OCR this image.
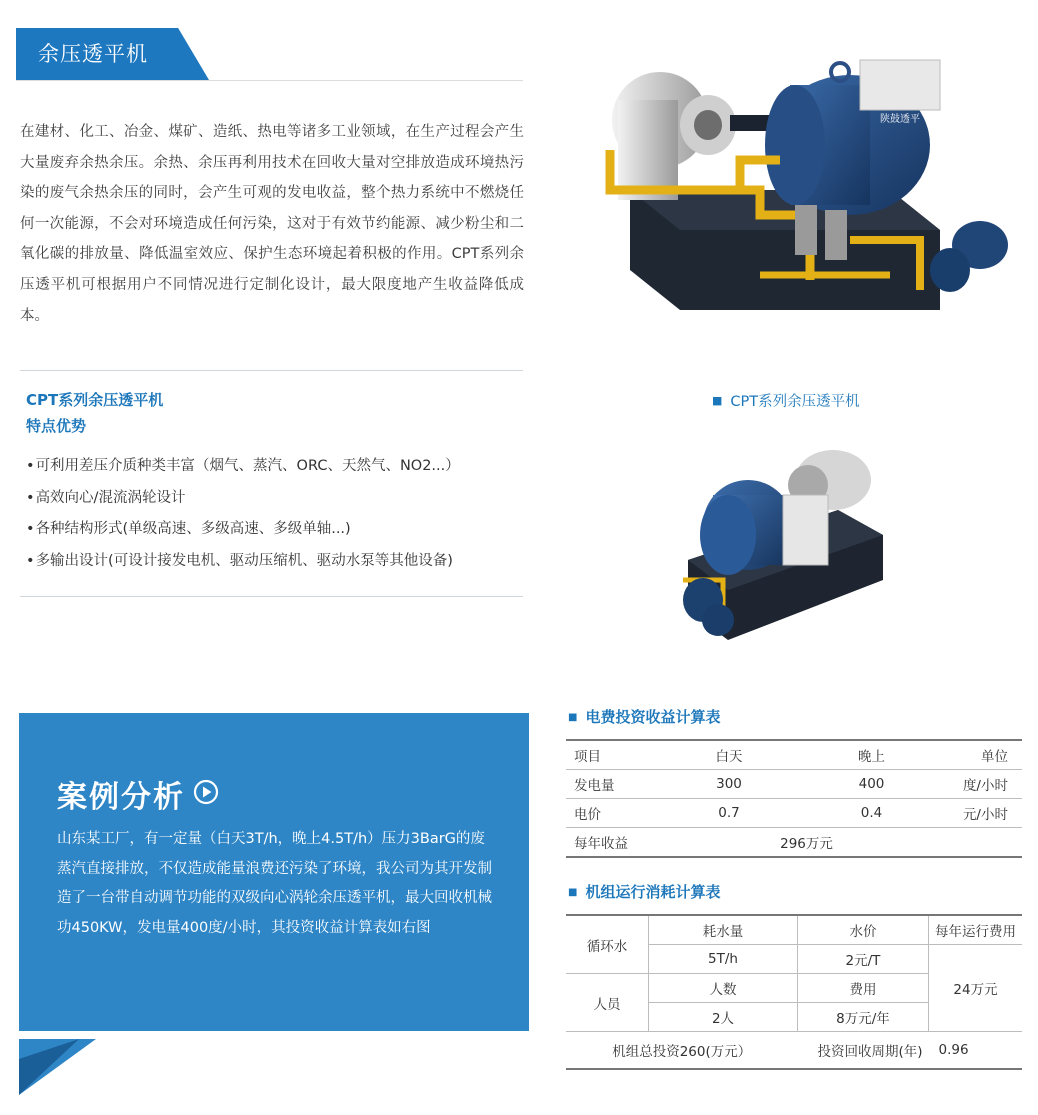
余压透平机
在建材、化工、冶金、煤矿、造纸、热电等诸多工业领域，在生产过程会产生大量废弃余热余压。余热、余压再利用技术在回收大量对空排放造成环境热污染的废气余热余压的同时，会产生可观的发电收益，整个热力系统中不燃烧任何一次能源，不会对环境造成任何污染，这对于有效节约能源、减少粉尘和二氧化碳的排放量、降低温室效应、保护生态环境起着积极的作用。CPT系列余压透平机可根据用户不同情况进行定制化设计，最大限度地产生收益降低成本。
CPT系列余压透平机
特点优势
• 可利用差压介质种类丰富（烟气、蒸汽、ORC、天然气、NO2...）
• 高效向心/混流涡轮设计
• 各种结构形式(单级高速、多级高速、多级单轴...)
• 多输出设计(可设计接发电机、驱动压缩机、驱动水泵等其他设备)
陕鼓透平
■ CPT系列余压透平机
案例分析
山东某工厂，有一定量（白天3T/h，晚上4.5T/h）压力3BarG的废蒸汽直接排放，不仅造成能量浪费还污染了环境，我公司为其开发制造了一台带自动调节功能的双级向心涡轮余压透平机，最大回收机械功450KW，发电量400度/小时，其投资收益计算表如右图
■ 电费投资收益计算表
项目	白天	晚上	单位
发电量	300	400	度/小时
电价	0.7	0.4	元/小时
每年收益	296万元		
■ 机组运行消耗计算表
循环水	耗水量	水价	每年运行费用
	5T/h	2元/T	24万元
人员	人数	费用	
	2人	8万元/年	
机组总投资260(万元）		投资回收周期(年)	0.96
